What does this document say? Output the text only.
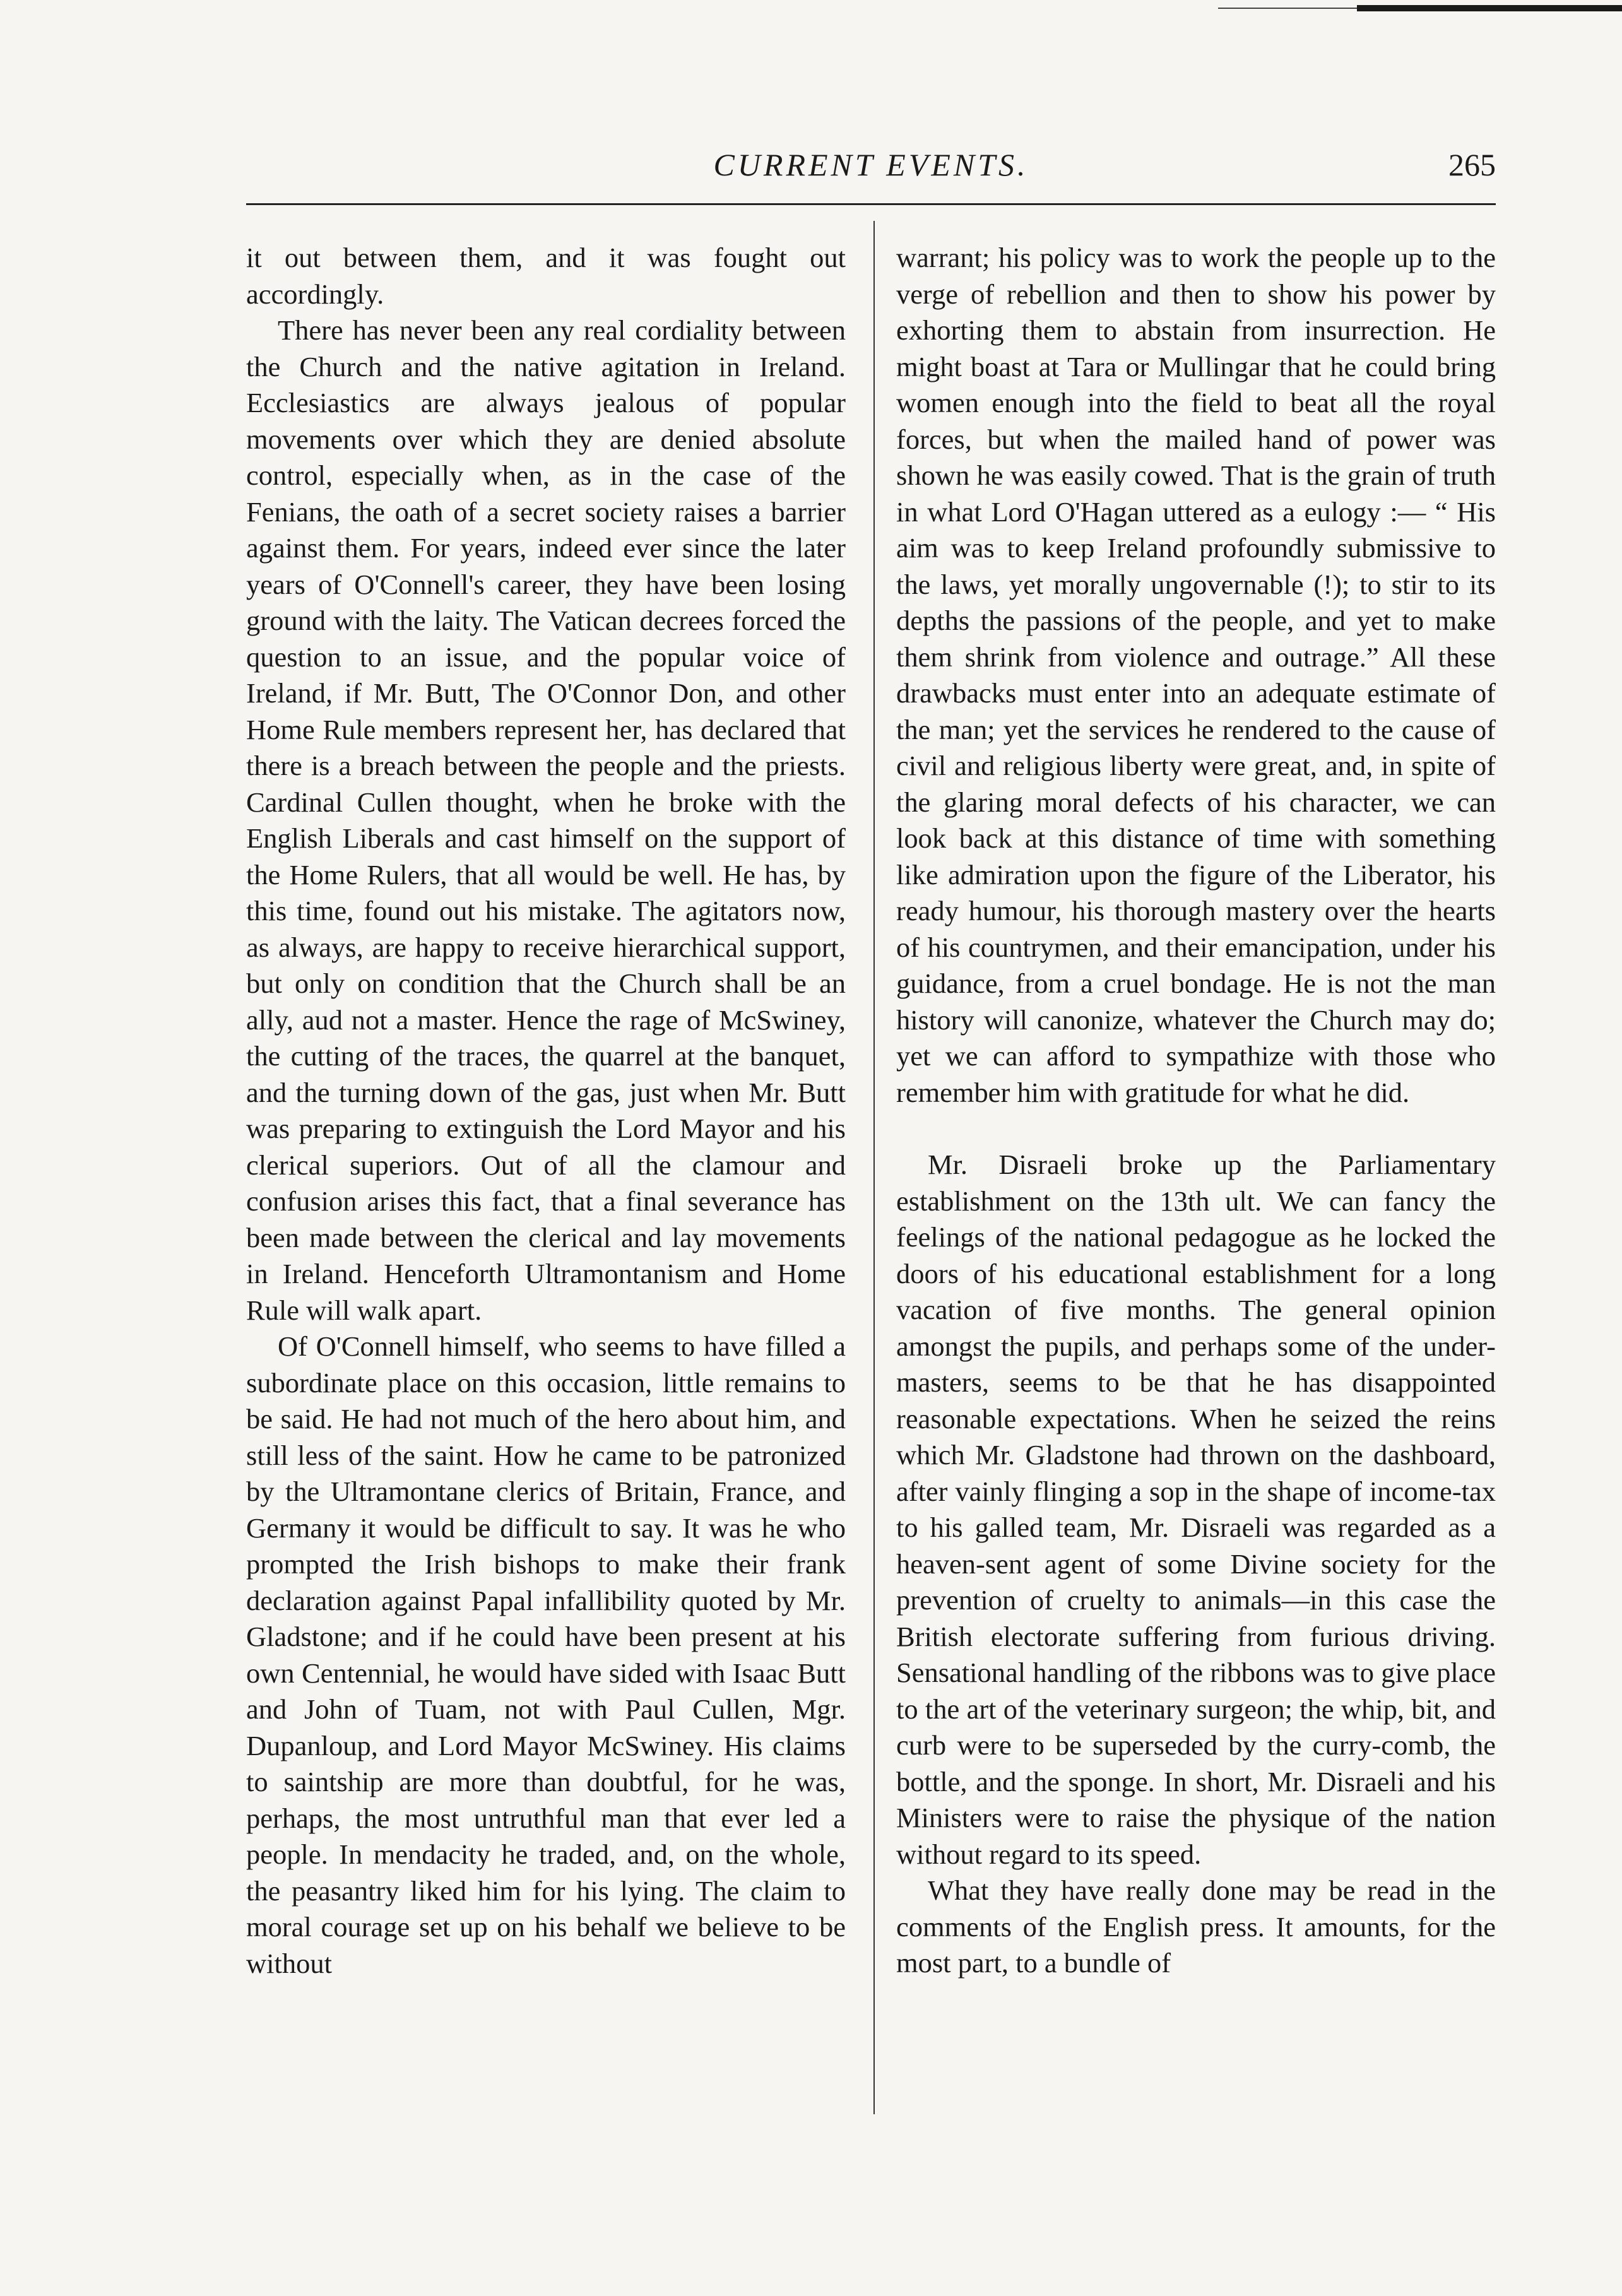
CURRENT EVENTS.	265

it out between them, and it was fought out accordingly.

There has never been any real cordiality between the Church and the native agitation in Ireland. Ecclesiastics are always jealous of popular movements over which they are denied absolute control, especially when, as in the case of the Fenians, the oath of a secret society raises a barrier against them. For years, indeed ever since the later years of O'Connell's career, they have been losing ground with the laity. The Vatican decrees forced the question to an issue, and the popular voice of Ireland, if Mr. Butt, The O'Connor Don, and other Home Rule members represent her, has declared that there is a breach between the people and the priests. Cardinal Cullen thought, when he broke with the English Liberals and cast himself on the support of the Home Rulers, that all would be well. He has, by this time, found out his mistake. The agitators now, as always, are happy to receive hierarchical support, but only on condition that the Church shall be an ally, aud not a master. Hence the rage of McSwiney, the cutting of the traces, the quarrel at the banquet, and the turning down of the gas, just when Mr. Butt was preparing to extinguish the Lord Mayor and his clerical superiors. Out of all the clamour and confusion arises this fact, that a final severance has been made between the clerical and lay movements in Ireland. Henceforth Ultramontanism and Home Rule will walk apart.

Of O'Connell himself, who seems to have filled a subordinate place on this occasion, little remains to be said. He had not much of the hero about him, and still less of the saint. How he came to be patronized by the Ultramontane clerics of Britain, France, and Germany it would be difficult to say. It was he who prompted the Irish bishops to make their frank declaration against Papal infallibility quoted by Mr. Gladstone; and if he could have been present at his own Centennial, he would have sided with Isaac Butt and John of Tuam, not with Paul Cullen, Mgr. Dupanloup, and Lord Mayor McSwiney. His claims to saintship are more than doubtful, for he was, perhaps, the most untruthful man that ever led a people. In mendacity he traded, and, on the whole, the peasantry liked him for his lying. The claim to moral courage set up on his behalf we believe to be without

warrant; his policy was to work the people up to the verge of rebellion and then to show his power by exhorting them to abstain from insurrection. He might boast at Tara or Mullingar that he could bring women enough into the field to beat all the royal forces, but when the mailed hand of power was shown he was easily cowed. That is the grain of truth in what Lord O'Hagan uttered as a eulogy :— “ His aim was to keep Ireland profoundly submissive to the laws, yet morally ungovernable (!); to stir to its depths the passions of the people, and yet to make them shrink from violence and outrage.” All these drawbacks must enter into an adequate estimate of the man; yet the services he rendered to the cause of civil and religious liberty were great, and, in spite of the glaring moral defects of his character, we can look back at this distance of time with something like admiration upon the figure of the Liberator, his ready humour, his thorough mastery over the hearts of his countrymen, and their emancipation, under his guidance, from a cruel bondage. He is not the man history will canonize, whatever the Church may do; yet we can afford to sympathize with those who remember him with gratitude for what he did.

Mr. Disraeli broke up the Parliamentary establishment on the 13th ult. We can fancy the feelings of the national pedagogue as he locked the doors of his educational establishment for a long vacation of five months. The general opinion amongst the pupils, and perhaps some of the under-masters, seems to be that he has disappointed reasonable expectations. When he seized the reins which Mr. Gladstone had thrown on the dashboard, after vainly flinging a sop in the shape of income-tax to his galled team, Mr. Disraeli was regarded as a heaven-sent agent of some Divine society for the prevention of cruelty to animals—in this case the British electorate suffering from furious driving. Sensational handling of the ribbons was to give place to the art of the veterinary surgeon; the whip, bit, and curb were to be superseded by the curry-comb, the bottle, and the sponge. In short, Mr. Disraeli and his Ministers were to raise the physique of the nation without regard to its speed.

What they have really done may be read in the comments of the English press. It amounts, for the most part, to a bundle of
